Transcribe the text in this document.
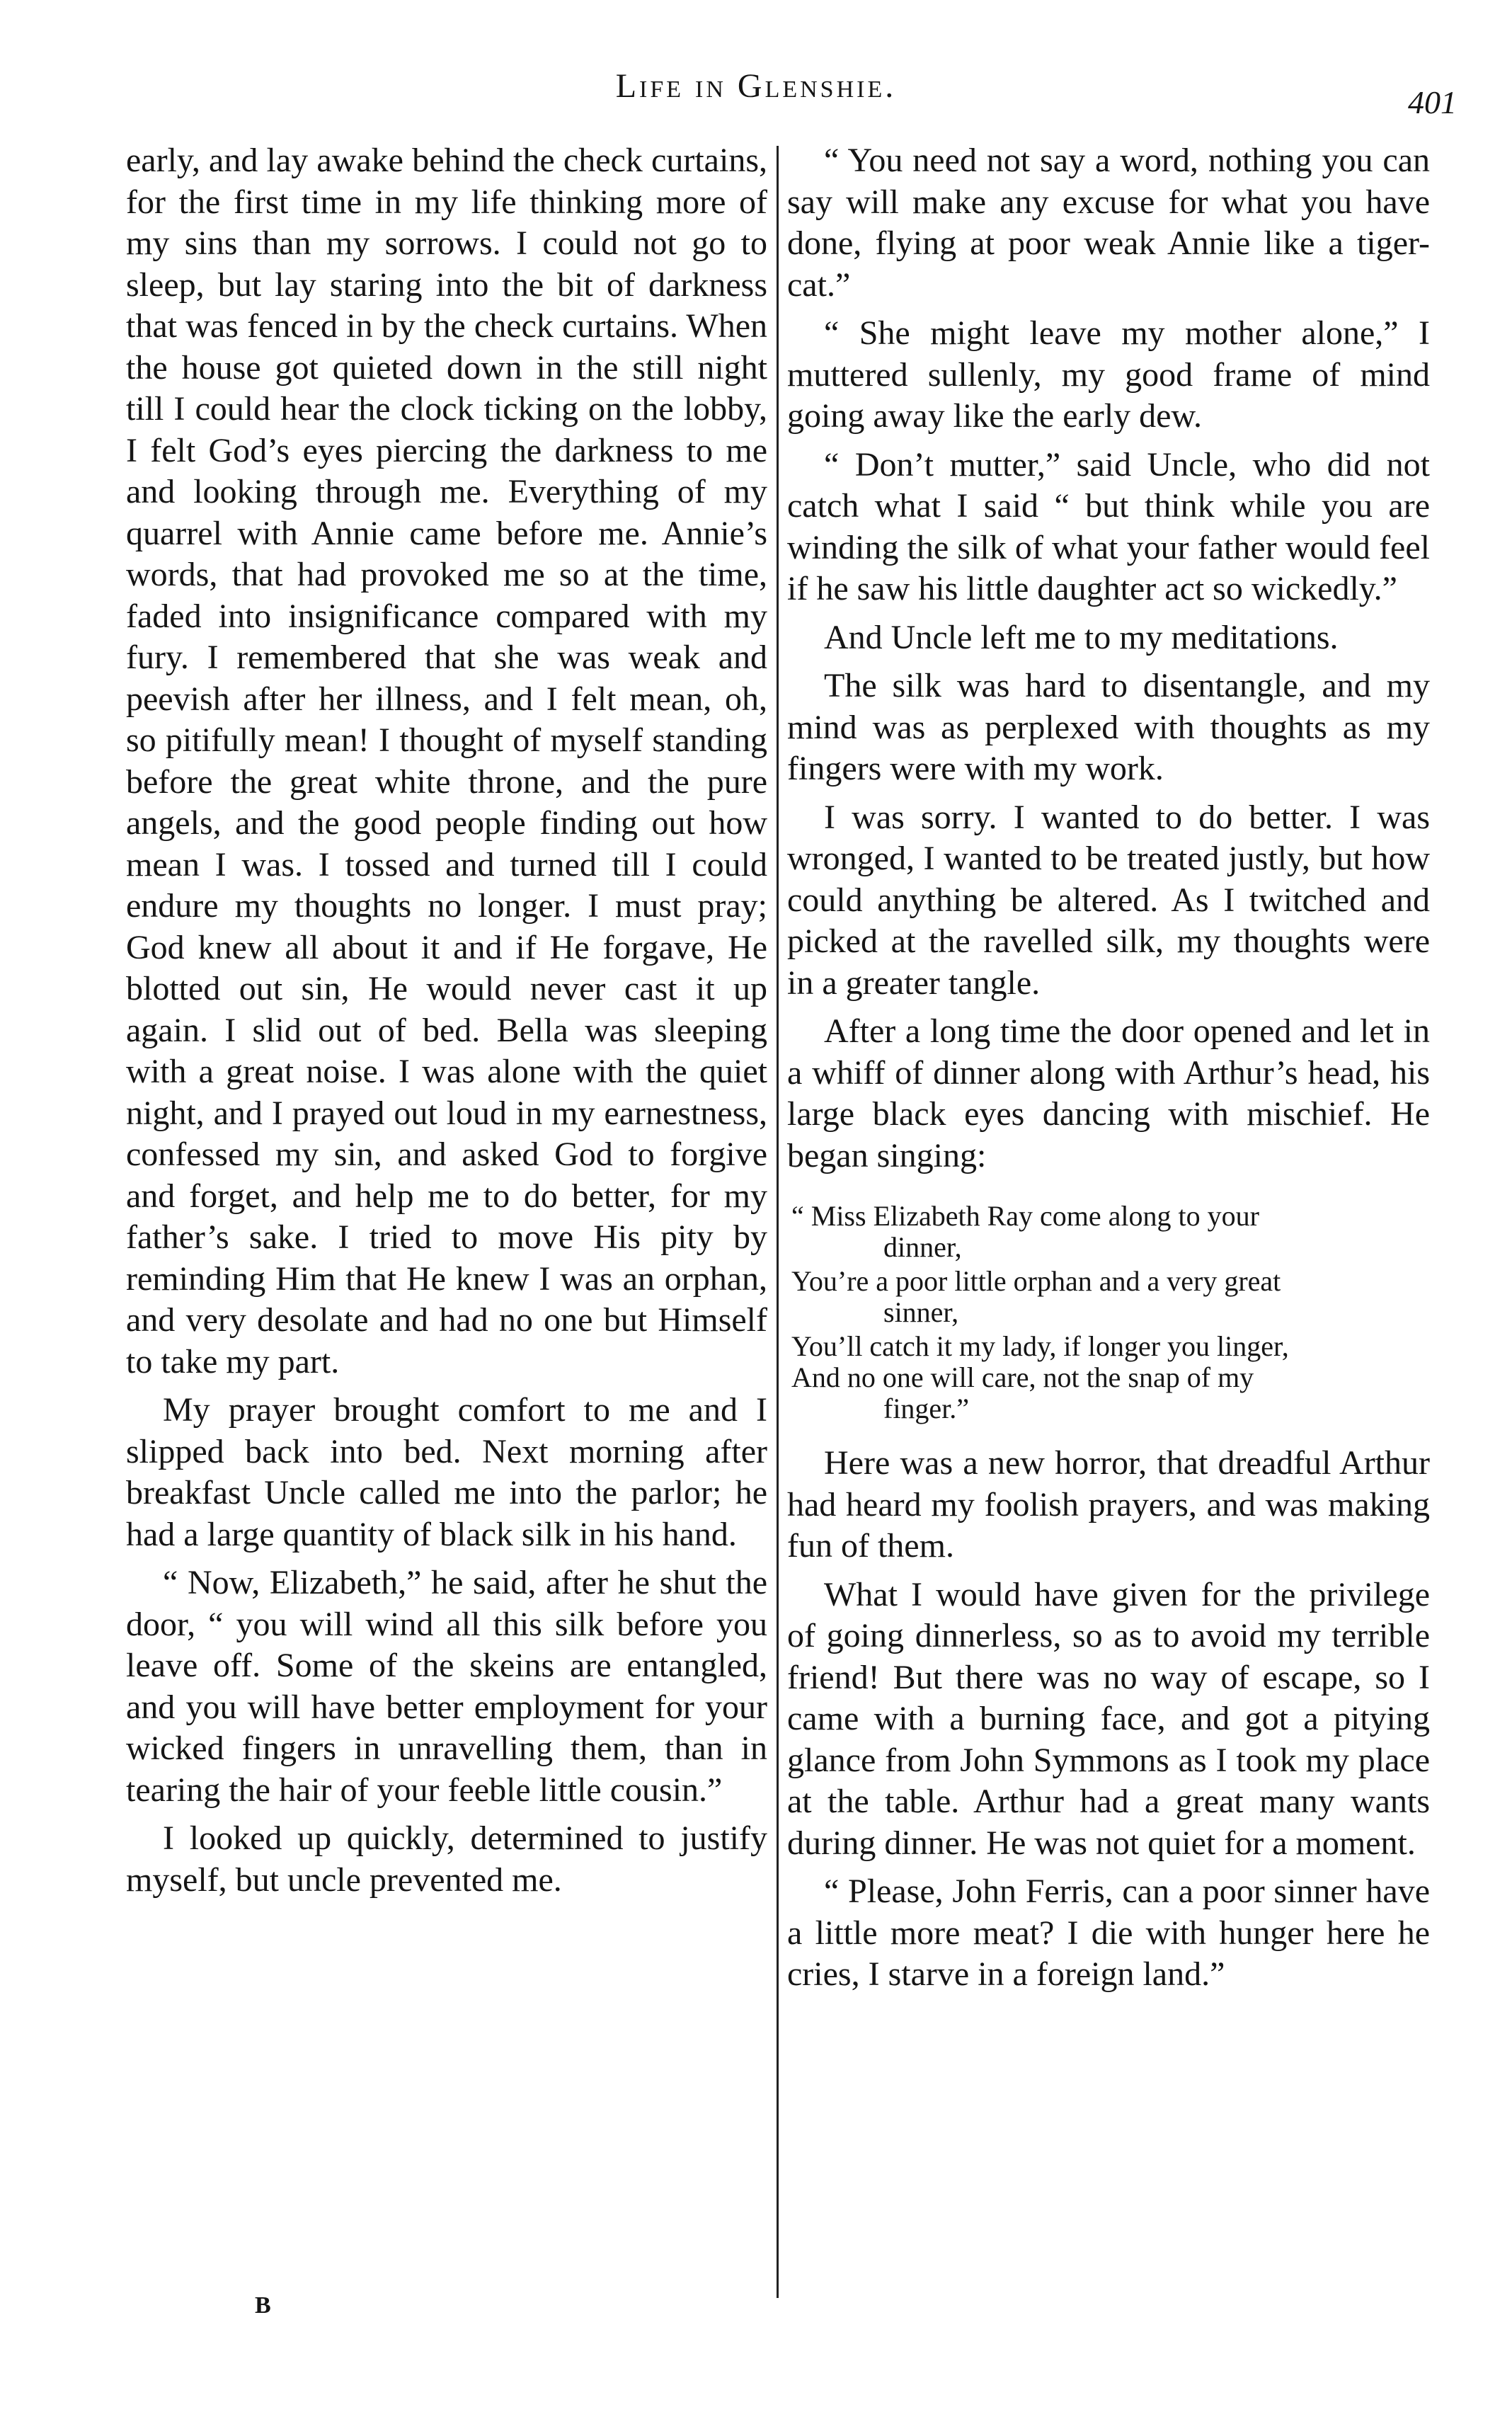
Life in Glenshie.	401

early, and lay awake behind the check curtains, for the first time in my life thinking more of my sins than my sorrows. I could not go to sleep, but lay staring into the bit of darkness that was fenced in by the check curtains. When the house got quieted down in the still night till I could hear the clock ticking on the lobby, I felt God’s eyes piercing the darkness to me and looking through me. Everything of my quarrel with Annie came before me. Annie’s words, that had provoked me so at the time, faded into insignificance compared with my fury. I remembered that she was weak and peevish after her illness, and I felt mean, oh, so pitifully mean! I thought of myself standing before the great white throne, and the pure angels, and the good people finding out how mean I was. I tossed and turned till I could endure my thoughts no longer. I must pray; God knew all about it and if He forgave, He blotted out sin, He would never cast it up again. I slid out of bed. Bella was sleeping with a great noise. I was alone with the quiet night, and I prayed out loud in my earnestness, confessed my sin, and asked God to forgive and forget, and help me to do better, for my father’s sake. I tried to move His pity by reminding Him that He knew I was an orphan, and very desolate and had no one but Himself to take my part.

My prayer brought comfort to me and I slipped back into bed. Next morning after breakfast Uncle called me into the parlor; he had a large quantity of black silk in his hand.

“ Now, Elizabeth,” he said, after he shut the door, “ you will wind all this silk before you leave off. Some of the skeins are entangled, and you will have better employment for your wicked fingers in unravelling them, than in tearing the hair of your feeble little cousin.”

I looked up quickly, determined to justify myself, but uncle prevented me.

“ You need not say a word, nothing you can say will make any excuse for what you have done, flying at poor weak Annie like a tiger-cat.”

“ She might leave my mother alone,” I muttered sullenly, my good frame of mind going away like the early dew.

“ Don’t mutter,” said Uncle, who did not catch what I said “ but think while you are winding the silk of what your father would feel if he saw his little daughter act so wickedly.”

And Uncle left me to my meditations.

The silk was hard to disentangle, and my mind was as perplexed with thoughts as my fingers were with my work.

I was sorry. I wanted to do better. I was wronged, I wanted to be treated justly, but how could anything be altered. As I twitched and picked at the ravelled silk, my thoughts were in a greater tangle.

After a long time the door opened and let in a whiff of dinner along with Arthur’s head, his large black eyes dancing with mischief. He began singing:

“ Miss Elizabeth Ray come along to your
dinner,
You’re a poor little orphan and a very great
sinner,
You’ll catch it my lady, if longer you linger,
And no one will care, not the snap of my
finger.”

Here was a new horror, that dreadful Arthur had heard my foolish prayers, and was making fun of them.

What I would have given for the privilege of going dinnerless, so as to avoid my terrible friend! But there was no way of escape, so I came with a burning face, and got a pitying glance from John Symmons as I took my place at the table. Arthur had a great many wants during dinner. He was not quiet for a moment.

“ Please, John Ferris, can a poor sinner have a little more meat? I die with hunger here he cries, I starve in a foreign land.”

B
